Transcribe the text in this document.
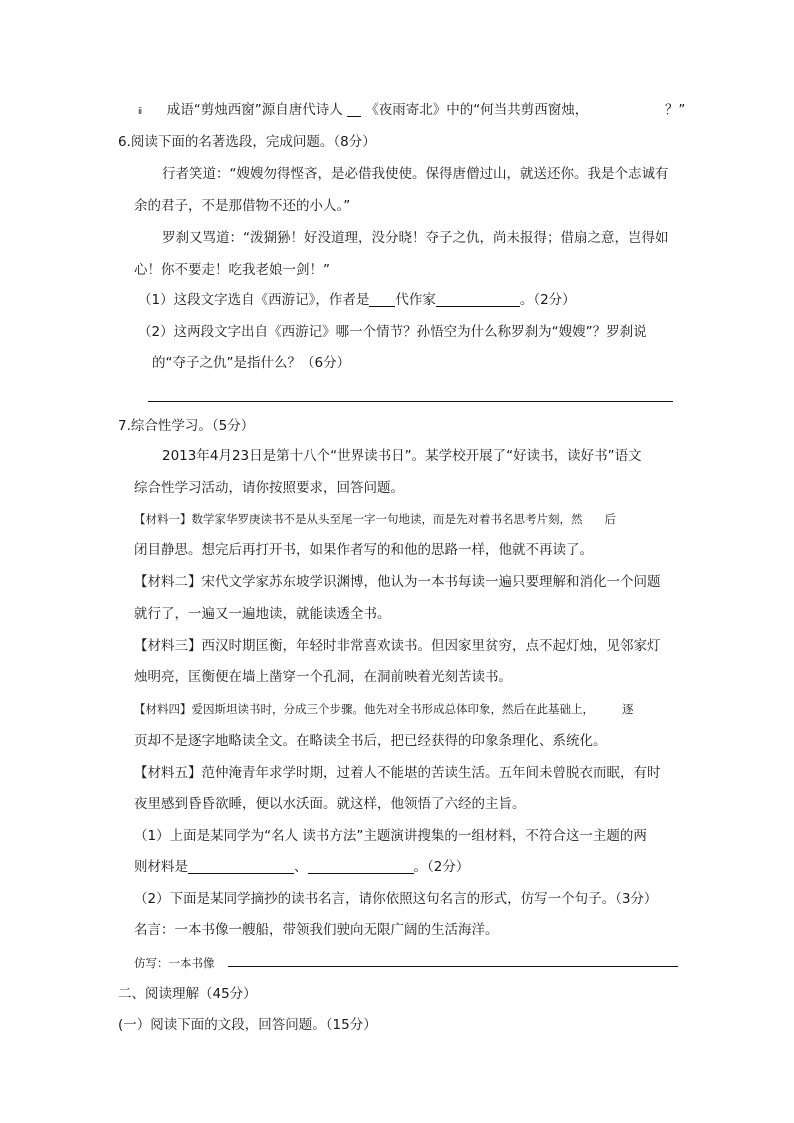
ⅱ 成语“剪烛西窗”源自唐代诗人 《夜雨寄北》中的“何当共剪西窗烛，	？”
6.阅读下面的名著选段，完成问题。（8分）
行者笑道：“嫂嫂勿得悭吝，是必借我使使。保得唐僧过山，就送还你。我是个志诚有
余的君子，不是那借物不还的小人。”
罗刹又骂道：“泼猢狲！好没道理，没分晓！夺子之仇，尚未报得；借扇之意，岂得如
心！你不要走！吃我老娘一剑！”
（1）这段文字选自《西游记》，作者是 代作家	。（2分）
（2）这两段文字出自《西游记》哪一个情节？孙悟空为什么称罗刹为“嫂嫂”？罗刹说
的“夺子之仇”是指什么？（6分）
7.综合性学习。（5分）
2013年4月23日是第十八个“世界读书日”。某学校开展了“好读书，读好书”语文
综合性学习活动，请你按照要求，回答问题。
【材料一】数学家华罗庚读书不是从头至尾一字一句地读，而是先对着书名思考片刻，然 后
闭目静思。想完后再打开书，如果作者写的和他的思路一样，他就不再读了。
【材料二】宋代文学家苏东坡学识渊博，他认为一本书每读一遍只要理解和消化一个问题
就行了，一遍又一遍地读，就能读透全书。
【材料三】西汉时期匡衡，年轻时非常喜欢读书。但因家里贫穷，点不起灯烛，见邻家灯
烛明亮，匡衡便在墙上凿穿一个孔洞，在洞前映着光刻苦读书。
【材料四】爱因斯坦读书时，分成三个步骤。他先对全书形成总体印象，然后在此基础上， 逐
页却不是逐字地略读全文。在略读全书后，把已经获得的印象条理化、系统化。
【材料五】范仲淹青年求学时期，过着人不能堪的苦读生活。五年间未曾脱衣而眠，有时
夜里感到昏昏欲睡，便以水沃面。就这样，他领悟了六经的主旨。
（1）上面是某同学为“名人 读书方法”主题演讲搜集的一组材料，不符合这一主题的两
则材料是	、	。（2分）
（2）下面是某同学摘抄的读书名言，请你依照这句名言的形式，仿写一个句子。（3分）
名言：一本书像一艘船，带领我们驶向无限广阔的生活海洋。
仿写：一本书像
二、阅读理解（45分）
(一）阅读下面的文段，回答问题。（15分）
